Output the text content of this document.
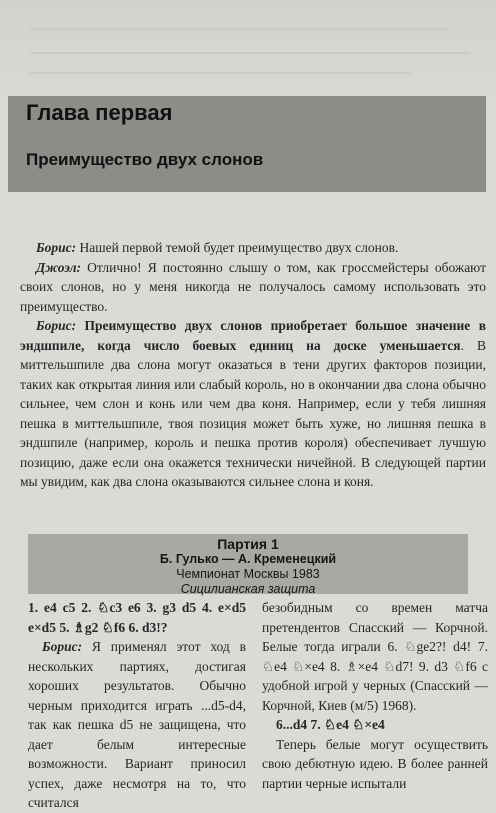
Глава первая
Преимущество двух слонов

Борис: Нашей первой темой будет преимущество двух слонов.

Джоэл: Отлично! Я постоянно слышу о том, как гроссмейстеры обожают своих слонов, но у меня никогда не получалось самому использовать это преимущество.

Борис: Преимущество двух слонов приобретает большое значение в эндшпиле, когда число боевых единиц на доске уменьшается. В миттельшпиле два слона могут оказаться в тени других факторов позиции, таких как открытая линия или слабый король, но в окончании два слона обычно сильнее, чем слон и конь или чем два коня. Например, если у тебя лишняя пешка в миттельшпиле, твоя позиция может быть хуже, но лишняя пешка в эндшпиле (например, король и пешка против короля) обеспечивает лучшую позицию, даже если она окажется технически ничейной. В следующей партии мы увидим, как два слона оказываются сильнее слона и коня.

Партия 1
Б. Гулько — А. Кременецкий
Чемпионат Москвы 1983
Сицилианская защита

1. e4 c5 2. ♘c3 e6 3. g3 d5 4. e×d5 e×d5 5. ♗g2 ♘f6 6. d3!?

Борис: Я применял этот ход в нескольких партиях, достигая хороших результатов. Обычно черным приходится играть ...d5-d4, так как пешка d5 не защищена, что дает белым интересные возможности. Вариант приносил успех, даже несмотря на то, что считался

безобидным со времен матча претендентов Спасский — Корчной. Белые тогда играли 6. ♘ge2?! d4! 7. ♘e4 ♘×e4 8. ♗×e4 ♘d7! 9. d3 ♘f6 с удобной игрой у черных (Спасский — Корчной, Киев (м/5) 1968).

6...d4 7. ♘e4 ♘×e4

Теперь белые могут осуществить свою дебютную идею. В более ранней партии черные испытали
